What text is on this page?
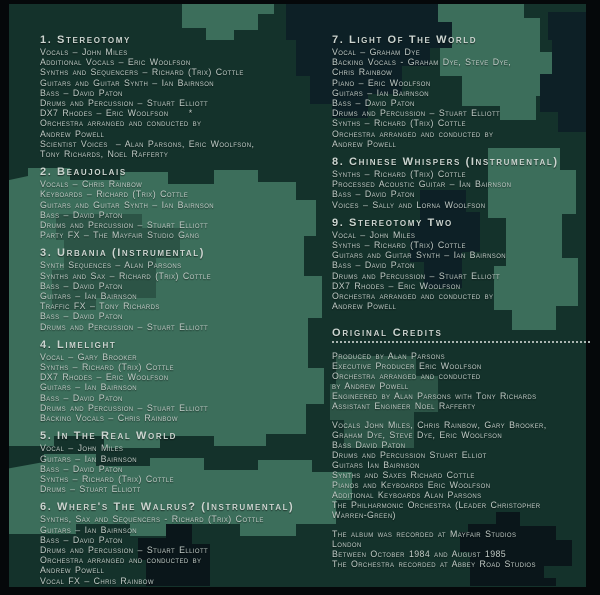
1. Stereotomy
Vocals – John Miles
Additional Vocals – Eric Woolfson
Synths and Sequencers – Richard (Trix) Cottle
Guitars and Guitar Synth – Ian Bairnson
Bass – David Paton
Drums and Percussion – Stuart Elliott
DX7 Rhodes – Eric Woolfson     *
Orchestra arranged and conducted by
Andrew Powell
Scientist Voices  – Alan Parsons, Eric Woolfson,
Tony Richards, Noel Rafferty
2. Beaujolais
Vocals – Chris Rainbow
Keyboards – Richard (Trix) Cottle
Guitars and Guitar Synth – Ian Bairnson
Bass – David Paton
Drums and Percussion – Stuart Elliott
Party FX – The Mayfair Studio Gang
3. Urbania (Instrumental)
Synth Sequences – Alan Parsons
Synths and Sax – Richard (Trix) Cottle
Bass – David Paton
Guitars – Ian Bairnson
Traffic FX – Tony Richards
Bass – David Paton
Drums and Percussion – Stuart Elliott
4. Limelight
Vocal – Gary Brooker
Synths – Richard (Trix) Cottle
DX7 Rhodes – Eric Woolfson
Guitars – Ian Bairnson
Bass – David Paton
Drums and Percussion – Stuart Elliott
Backing Vocals – Chris Rainbow
5. In The Real World
Vocal – John Miles
Guitars – Ian Bairnson
Bass – David Paton
Synths – Richard (Trix) Cottle
Drums – Stuart Elliott
6. Where's The Walrus? (Instrumental)
Synths, Sax and Sequencers - Richard (Trix) Cottle
Guitars – Ian Bairnson
Bass – David Paton
Drums and Percussion – Stuart Elliott
Orchestra arranged and conducted by
Andrew Powell
Vocal FX – Chris Rainbow
7. Light Of The World
Vocal – Graham Dye
Backing Vocals - Graham Dye, Steve Dye,
Chris Rainbow
Piano – Eric Woolfson
Guitars – Ian Bairnson
Bass – David Paton
Drums and Percussion – Stuart Elliott
Synths – Richard (Trix) Cottle
Orchestra arranged and conducted by
Andrew Powell
8. Chinese Whispers (Instrumental)
Synths – Richard (Trix) Cottle
Processed Acoustic Guitar – Ian Bairnson
Bass – David Paton
Voices – Sally and Lorna Woolfson
9. Stereotomy Two
Vocal – John Miles
Synths – Richard (Trix) Cottle
Guitars and Guitar Synth – Ian Bairnson
Bass – David Paton
Drums and Percussion – Stuart Elliott
DX7 Rhodes – Eric Woolfson
Orchestra arranged and conducted by
Andrew Powell
Original Credits
Produced by Alan Parsons
Executive Producer Eric Woolfson
Orchestra arranged and conducted
by Andrew Powell
Engineered by Alan Parsons with Tony Richards
Assistant Engineer Noel Rafferty
Vocals John Miles, Chris Rainbow, Gary Brooker,
Graham Dye, Steve Dye, Eric Woolfson
Bass David Paton
Drums and Percussion Stuart Elliot
Guitars Ian Bairnson
Synths and Saxes Richard Cottle
Pianos and Keyboards Eric Woolfson
Additional Keyboards Alan Parsons
The Philharmonic Orchestra (Leader Christopher
Warren-Green)
The album was recorded at Mayfair Studios
London
Between October 1984 and August 1985
The Orchestra recorded at Abbey Road Studios
